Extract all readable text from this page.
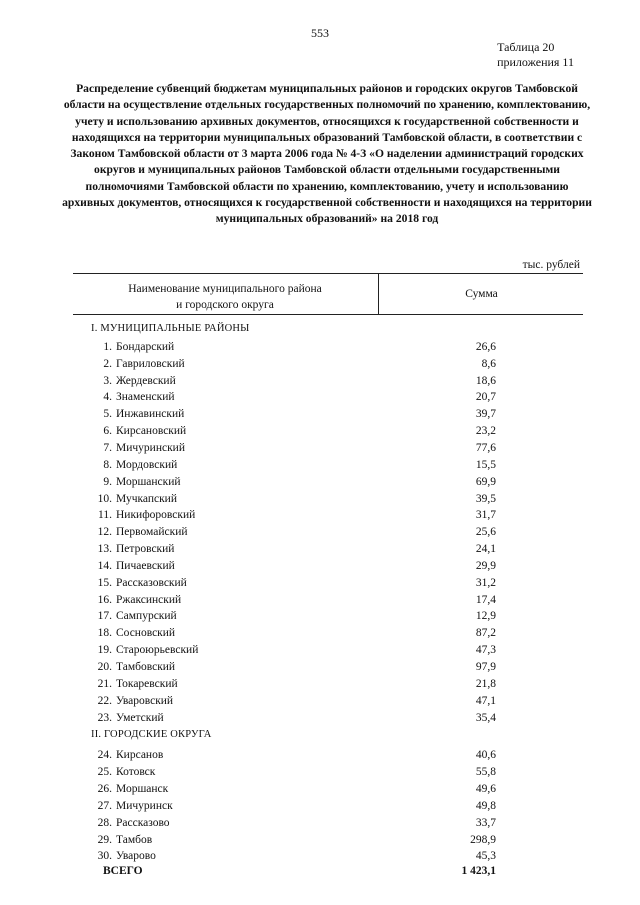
553
Таблица 20
приложения 11
Распределение субвенций бюджетам муниципальных районов и городских округов Тамбовской области на осуществление отдельных государственных полномочий по хранению, комплектованию, учету и использованию архивных документов, относящихся к государственной собственности и находящихся на территории муниципальных образований Тамбовской области, в соответствии с Законом Тамбовской области от 3 марта 2006 года № 4-З «О наделении администраций городских округов и муниципальных районов Тамбовской области отдельными государственными полномочиями Тамбовской области по хранению, комплектованию, учету и использованию архивных документов, относящихся к государственной собственности и находящихся на территории муниципальных образований» на 2018 год
тыс. рублей
Наименование муниципального района
и городского округа
Сумма
I. МУНИЦИПАЛЬНЫЕ РАЙОНЫ
1. Бондарский	26,6
2. Гавриловский	8,6
3. Жердевский	18,6
4. Знаменский	20,7
5. Инжавинский	39,7
6. Кирсановский	23,2
7. Мичуринский	77,6
8. Мордовский	15,5
9. Моршанский	69,9
10. Мучкапский	39,5
11. Никифоровский	31,7
12. Первомайский	25,6
13. Петровский	24,1
14. Пичаевский	29,9
15. Рассказовский	31,2
16. Ржаксинский	17,4
17. Сампурский	12,9
18. Сосновский	87,2
19. Староюрьевский	47,3
20. Тамбовский	97,9
21. Токаревский	21,8
22. Уваровский	47,1
23. Уметский	35,4
II. ГОРОДСКИЕ ОКРУГА
24. Кирсанов	40,6
25. Котовск	55,8
26. Моршанск	49,6
27. Мичуринск	49,8
28. Рассказово	33,7
29. Тамбов	298,9
30. Уварово	45,3
ВСЕГО	1 423,1
